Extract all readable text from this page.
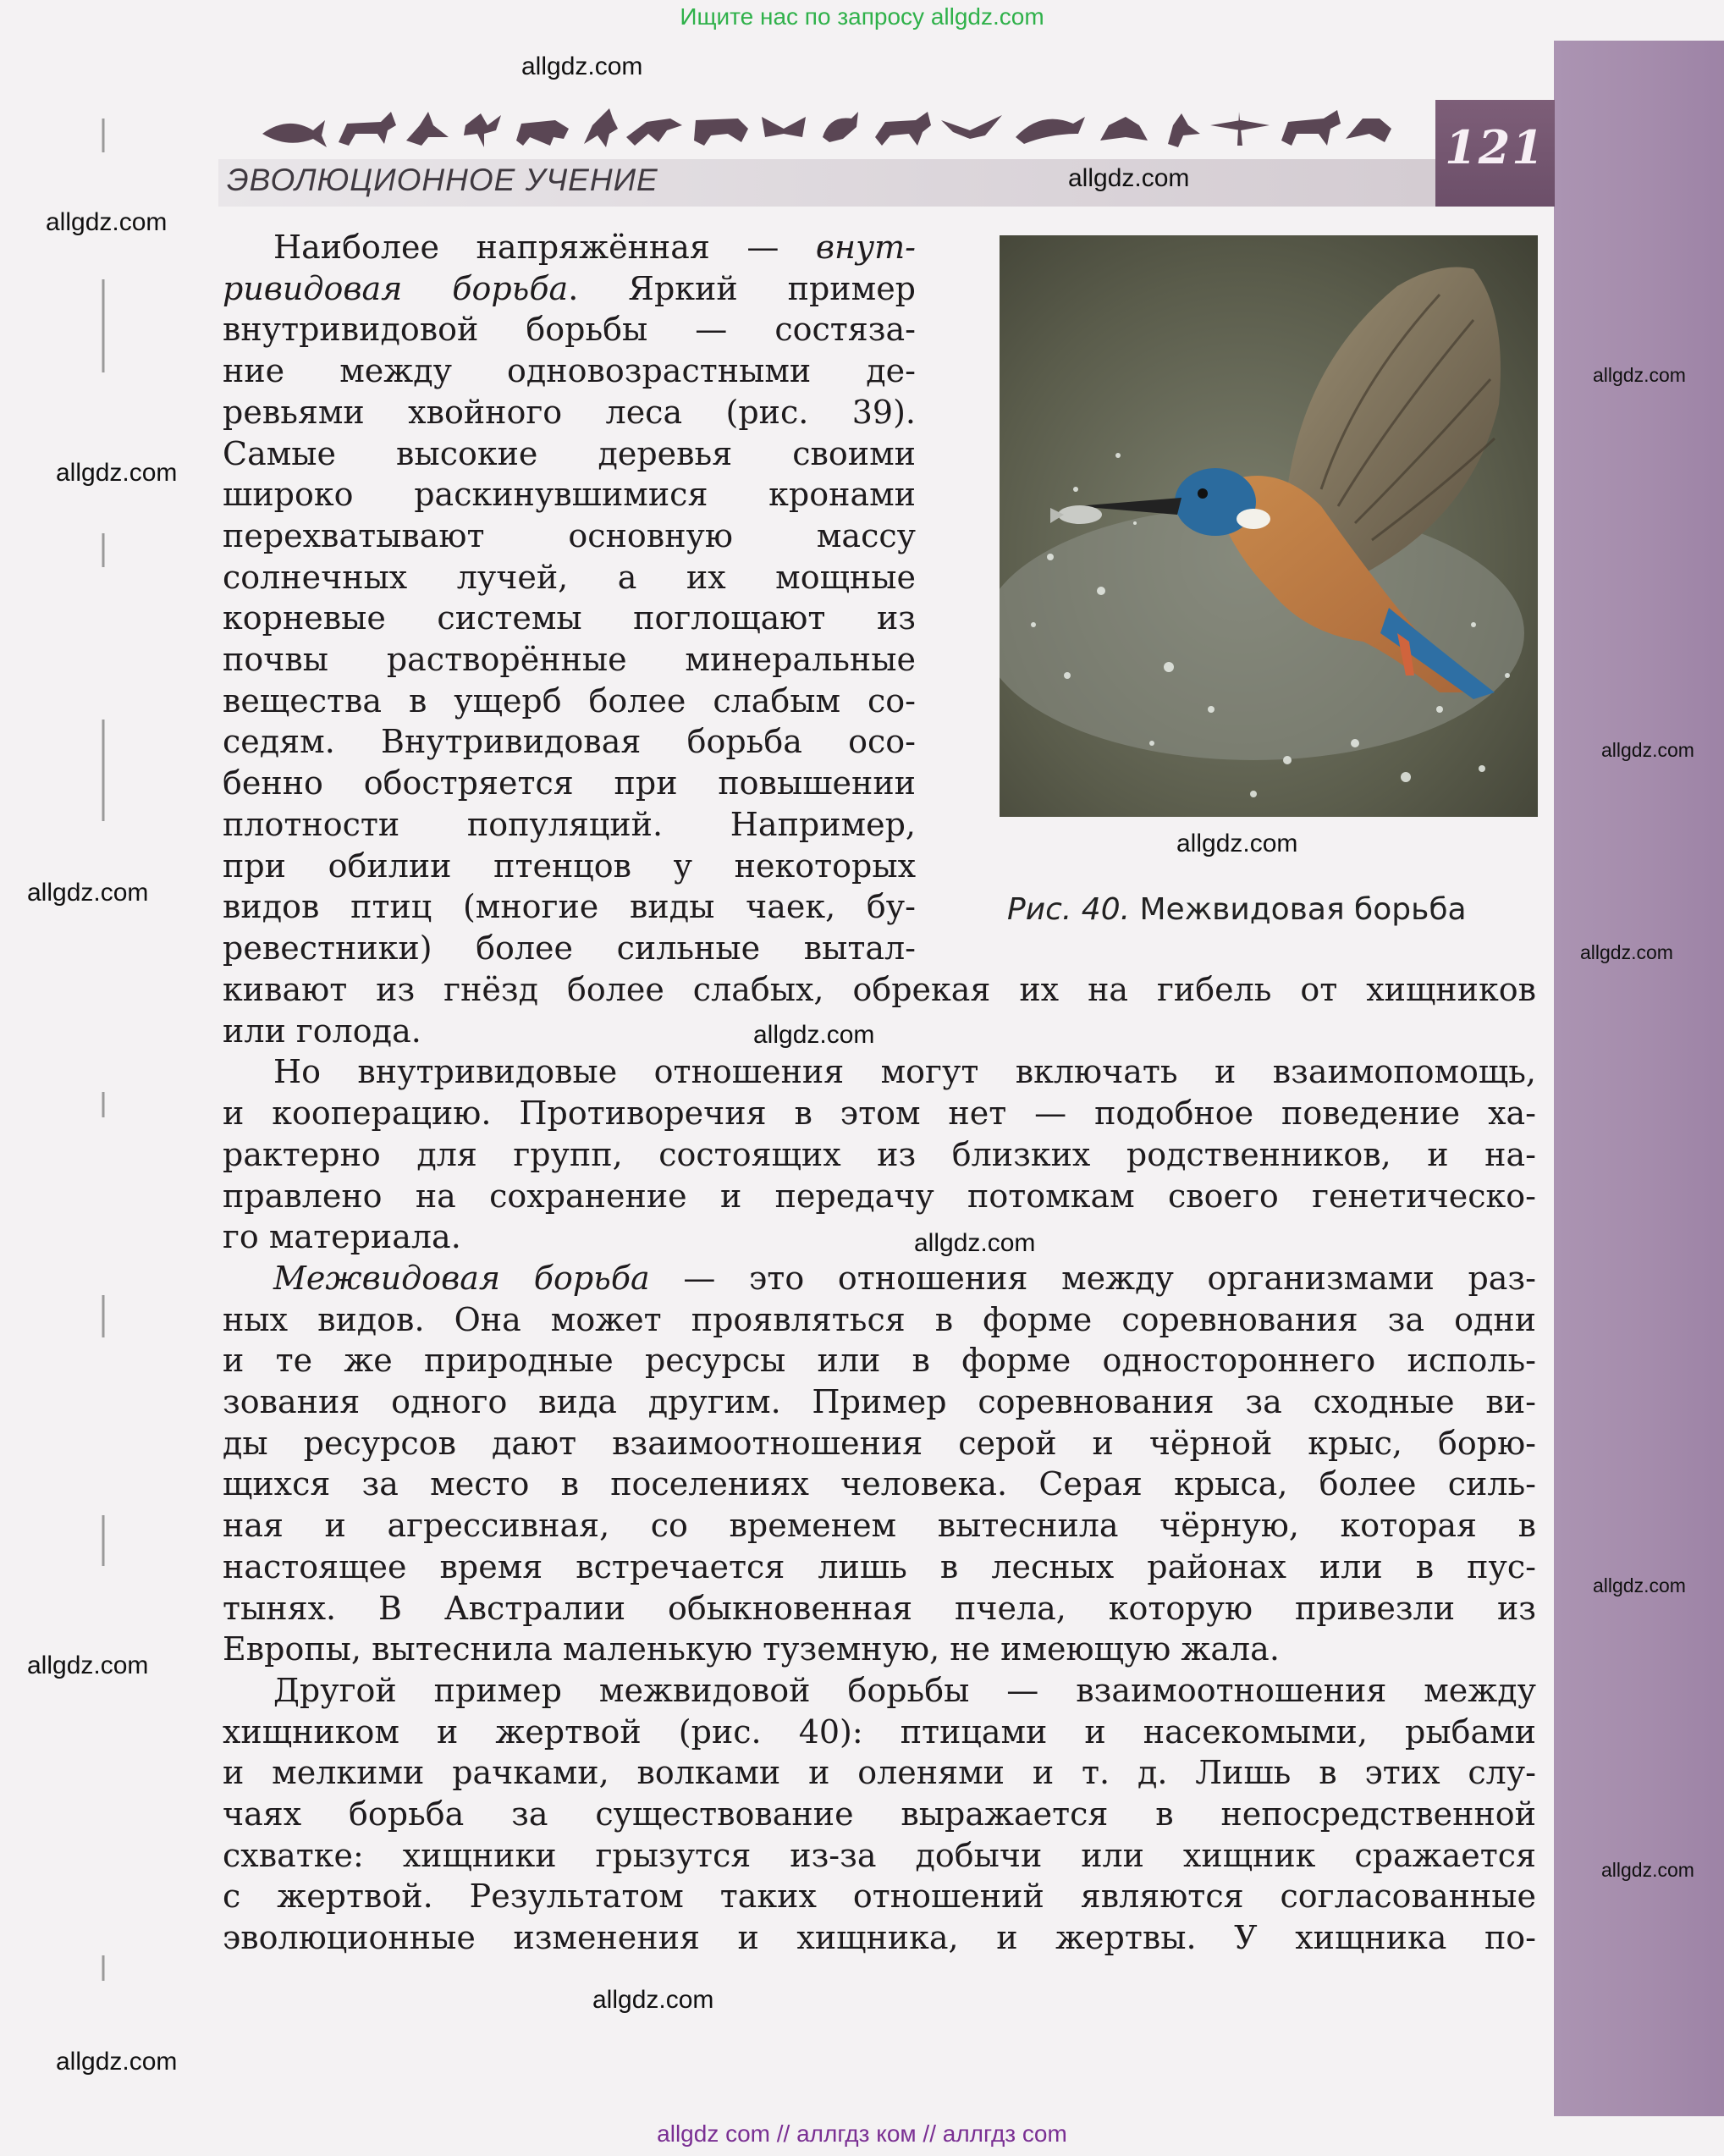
Ищите нас по запросу allgdz.com
ЭВОЛЮЦИОННОЕ УЧЕНИЕ
121
Рис. 40. Межвидовая борьба
Наиболее напряжённая — внут-
ривидовая борьба. Яркий пример
внутривидовой борьбы — состяза-
ние между одновозрастными де-
ревьями хвойного леса (рис. 39).
Самые высокие деревья своими
широко раскинувшимися кронами
перехватывают основную массу
солнечных лучей, а их мощные
корневые системы поглощают из
почвы растворённые минеральные
вещества в ущерб более слабым со-
седям. Внутривидовая борьба осо-
бенно обостряется при повышении
плотности популяций. Например,
при обилии птенцов у некоторых
видов птиц (многие виды чаек, бу-
ревестники) более сильные вытал-
кивают из гнёзд более слабых, обрекая их на гибель от хищников
или голода.
Но внутривидовые отношения могут включать и взаимопомощь,
и кооперацию. Противоречия в этом нет — подобное поведение ха-
рактерно для групп, состоящих из близких родственников, и на-
правлено на сохранение и передачу потомкам своего генетическо-
го материала.
Межвидовая борьба — это отношения между организмами раз-
ных видов. Она может проявляться в форме соревнования за одни
и те же природные ресурсы или в форме одностороннего исполь-
зования одного вида другим. Пример соревнования за сходные ви-
ды ресурсов дают взаимоотношения серой и чёрной крыс, борю-
щихся за место в поселениях человека. Серая крыса, более силь-
ная и агрессивная, со временем вытеснила чёрную, которая в
настоящее время встречается лишь в лесных районах или в пус-
тынях. В Австралии обыкновенная пчела, которую привезли из
Европы, вытеснила маленькую туземную, не имеющую жала.
Другой пример межвидовой борьбы — взаимоотношения между
хищником и жертвой (рис. 40): птицами и насекомыми, рыбами
и мелкими рачками, волками и оленями и т. д. Лишь в этих слу-
чаях борьба за существование выражается в непосредственной
схватке: хищники грызутся из-за добычи или хищник сражается
с жертвой. Результатом таких отношений являются согласованные
эволюционные изменения и хищника, и жертвы. У хищника по-
allgdz.com
allgdz.com
allgdz.com
allgdz.com
allgdz.com
allgdz.com
allgdz.com
allgdz.com
allgdz.com
allgdz.com
allgdz.com
allgdz.com
allgdz.com
allgdz.com
allgdz.com
allgdz.com
allgdz com // аллгдз ком // аллгдз com
